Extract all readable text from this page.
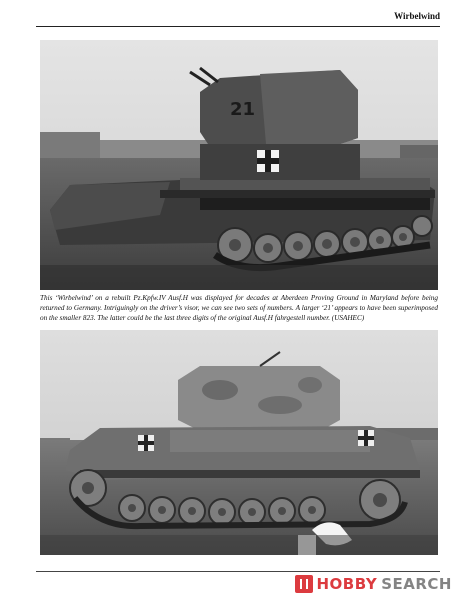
Wirbelwind
21
This ‘Wirbelwind’ on a rebuilt Pz.Kpfw.IV Ausf.H was displayed for decades at Aberdeen Proving Ground in Maryland before being returned to Germany. Intriguingly on the driver’s visor, we can see two sets of numbers. A larger ‘21’ appears to have been superimposed on the smaller 823. The latter could be the last three digits of the original Ausf.H fahrgestell number. (USAHEC)
HOBBY SEARCH
